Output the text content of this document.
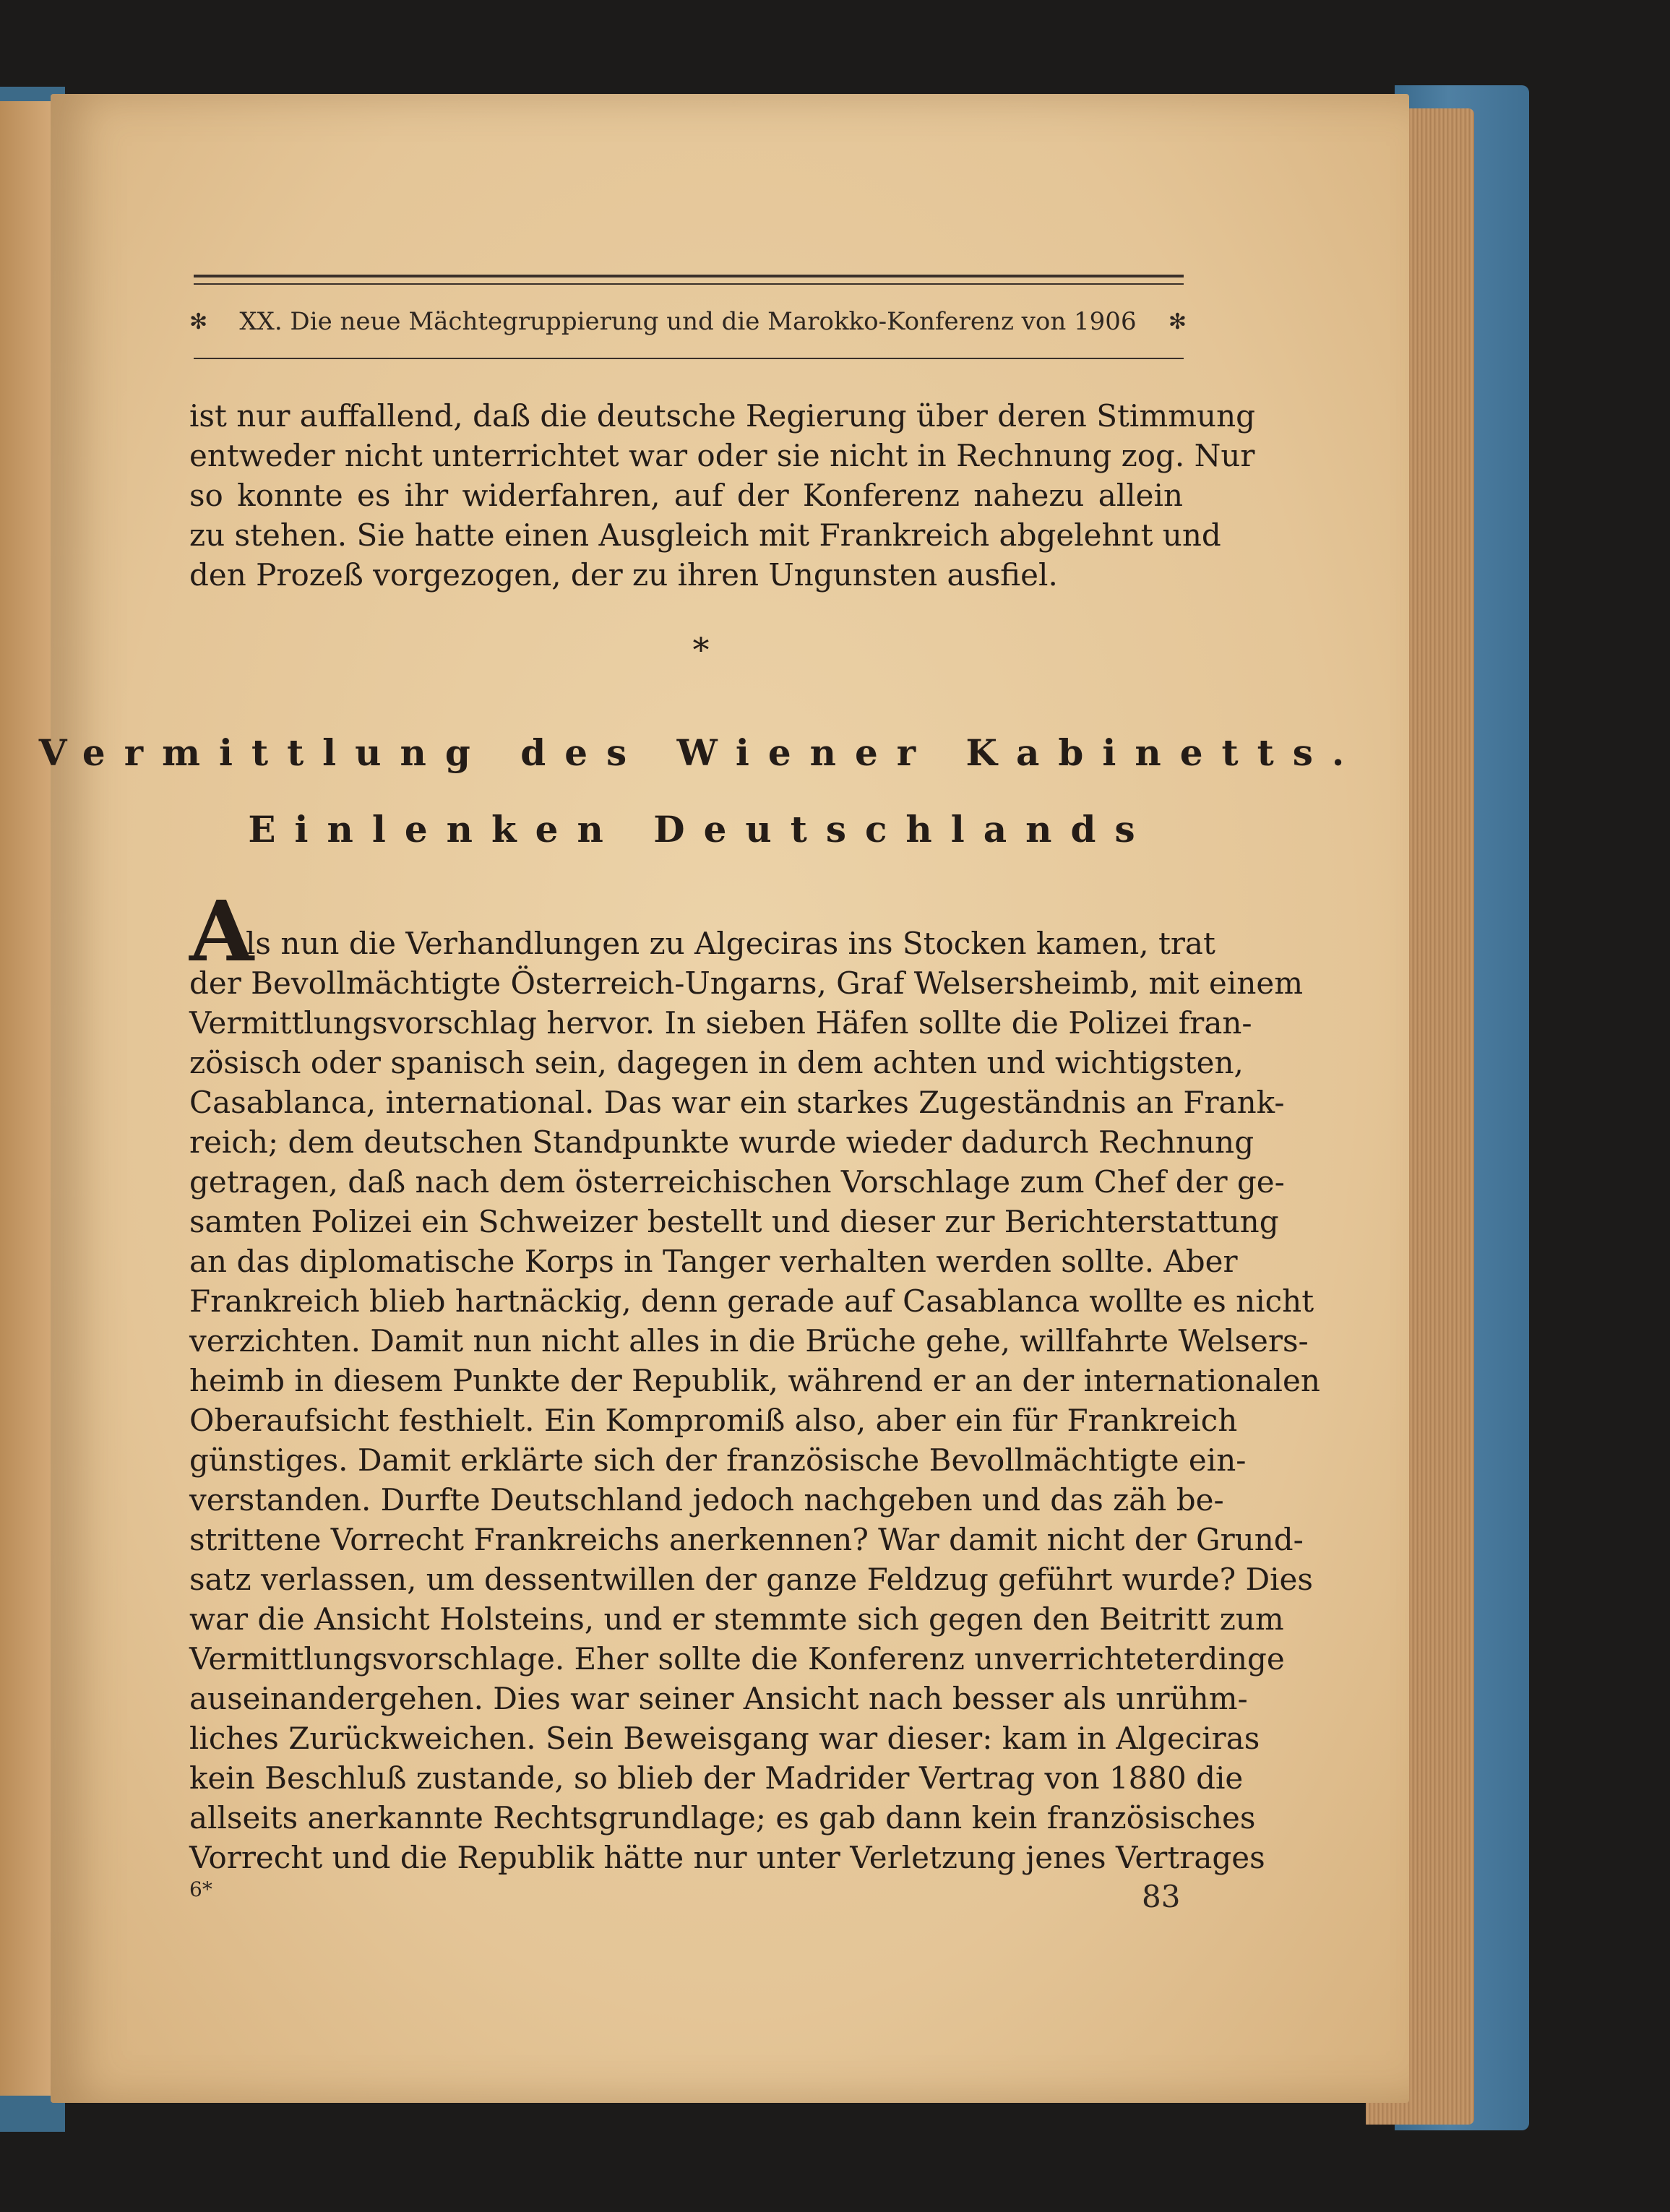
✻ XX. Die neue Mächtegruppierung und die Marokko-Konferenz von 1906 ✻
ist nur auffallend, daß die deutsche Regierung über deren Stimmung
entweder nicht unterrichtet war oder sie nicht in Rechnung zog. Nur
so konnte es ihr widerfahren, auf der Konferenz nahezu allein
zu stehen. Sie hatte einen Ausgleich mit Frankreich abgelehnt und
den Prozeß vorgezogen, der zu ihren Ungunsten ausfiel.
*
Vermittlung des Wiener Kabinetts.
Einlenken Deutschlands
A
ls nun die Verhandlungen zu Algeciras ins Stocken kamen, trat
der Bevollmächtigte Österreich-Ungarns, Graf Welsersheimb, mit einem
Vermittlungsvorschlag hervor. In sieben Häfen sollte die Polizei fran-
zösisch oder spanisch sein, dagegen in dem achten und wichtigsten,
Casablanca, international. Das war ein starkes Zugeständnis an Frank-
reich; dem deutschen Standpunkte wurde wieder dadurch Rechnung
getragen, daß nach dem österreichischen Vorschlage zum Chef der ge-
samten Polizei ein Schweizer bestellt und dieser zur Berichterstattung
an das diplomatische Korps in Tanger verhalten werden sollte. Aber
Frankreich blieb hartnäckig, denn gerade auf Casablanca wollte es nicht
verzichten. Damit nun nicht alles in die Brüche gehe, willfahrte Welsers-
heimb in diesem Punkte der Republik, während er an der internationalen
Oberaufsicht festhielt. Ein Kompromiß also, aber ein für Frankreich
günstiges. Damit erklärte sich der französische Bevollmächtigte ein-
verstanden. Durfte Deutschland jedoch nachgeben und das zäh be-
strittene Vorrecht Frankreichs anerkennen? War damit nicht der Grund-
satz verlassen, um dessentwillen der ganze Feldzug geführt wurde? Dies
war die Ansicht Holsteins, und er stemmte sich gegen den Beitritt zum
Vermittlungsvorschlage. Eher sollte die Konferenz unverrichteterdinge
auseinandergehen. Dies war seiner Ansicht nach besser als unrühm-
liches Zurückweichen. Sein Beweisgang war dieser: kam in Algeciras
kein Beschluß zustande, so blieb der Madrider Vertrag von 1880 die
allseits anerkannte Rechtsgrundlage; es gab dann kein französisches
Vorrecht und die Republik hätte nur unter Verletzung jenes Vertrages
6*	83
